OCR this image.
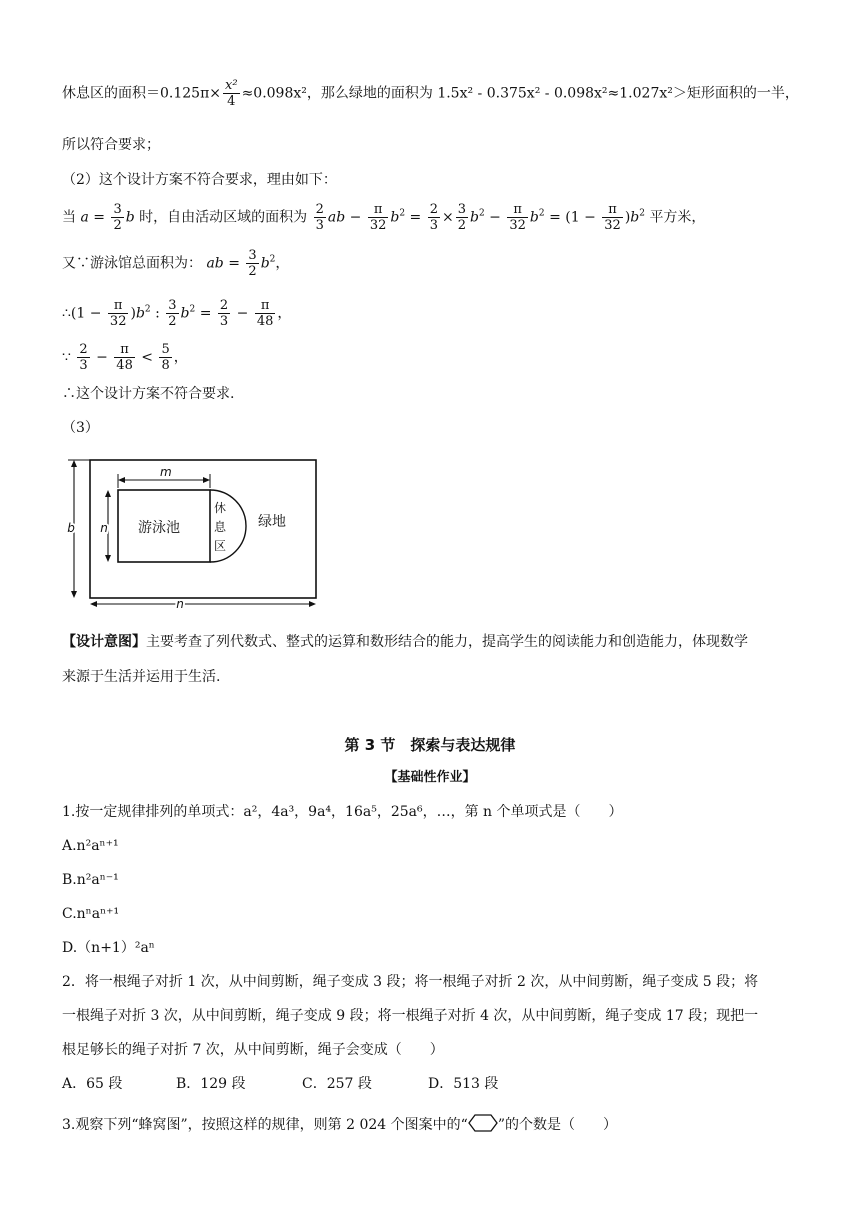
休息区的面积$=0.125\pi\times \frac{\text{x²}}{4} \approx 0.098x^2$，那么绿地的面积为 1.5x² - 0.375x² - 0.098x²≈1.027x²＞矩形面积的一半，
所以符合要求；
（2）这个设计方案不符合要求，理由如下：
当 $a = \frac{3}{2}$ b 时，自由活动区域的面积为 $\frac{2}{3}$ ab − $\frac{\pi}{32} b^2 = \frac{2}{3} \times \frac{3}{2} b^2 - \frac{\pi}{32} b^2 = (1 - \frac{\pi}{32} )b^2$ 平方米，
又∵游泳馆总面积为： ab = $\frac{3}{2} b^2$，
∴(1 − $\frac{\pi}{32} )b^2$ : $\frac{3}{2} b^2 = \frac{2}{3} - \frac{\pi}{48}$ ，
∵ $\frac{2}{3} - \frac{\pi}{48} < \frac{5}{8}$ ，
∴这个设计方案不符合要求.
（3）
m
n
b
n
游泳池	绿地
休
息
区
【设计意图】主要考查了列代数式、整式的运算和数形结合的能力，提高学生的阅读能力和创造能力，体现数学
来源于生活并运用于生活.
第 3 节　探索与表达规律
【基础性作业】
1.按一定规律排列的单项式：a²，4a³，9a⁴，16a⁵，25a⁶，…，第 n 个单项式是（　　）
A.n²aⁿ⁺¹
B.n²aⁿ⁻¹
C.nⁿaⁿ⁺¹
D.（n+1）²aⁿ
2．将一根绳子对折 1 次，从中间剪断，绳子变成 3 段；将一根绳子对折 2 次，从中间剪断，绳子变成 5 段；将
一根绳子对折 3 次，从中间剪断，绳子变成 9 段；将一根绳子对折 4 次，从中间剪断，绳子变成 17 段；现把一
根足够长的绳子对折 7 次，从中间剪断，绳子会变成（　　）
A．65 段	B．129 段	C．257 段	D．513 段
3.观察下列“蜂窝图”，按照这样的规律，则第 2 024 个图案中的“ ”的个数是（　　）
